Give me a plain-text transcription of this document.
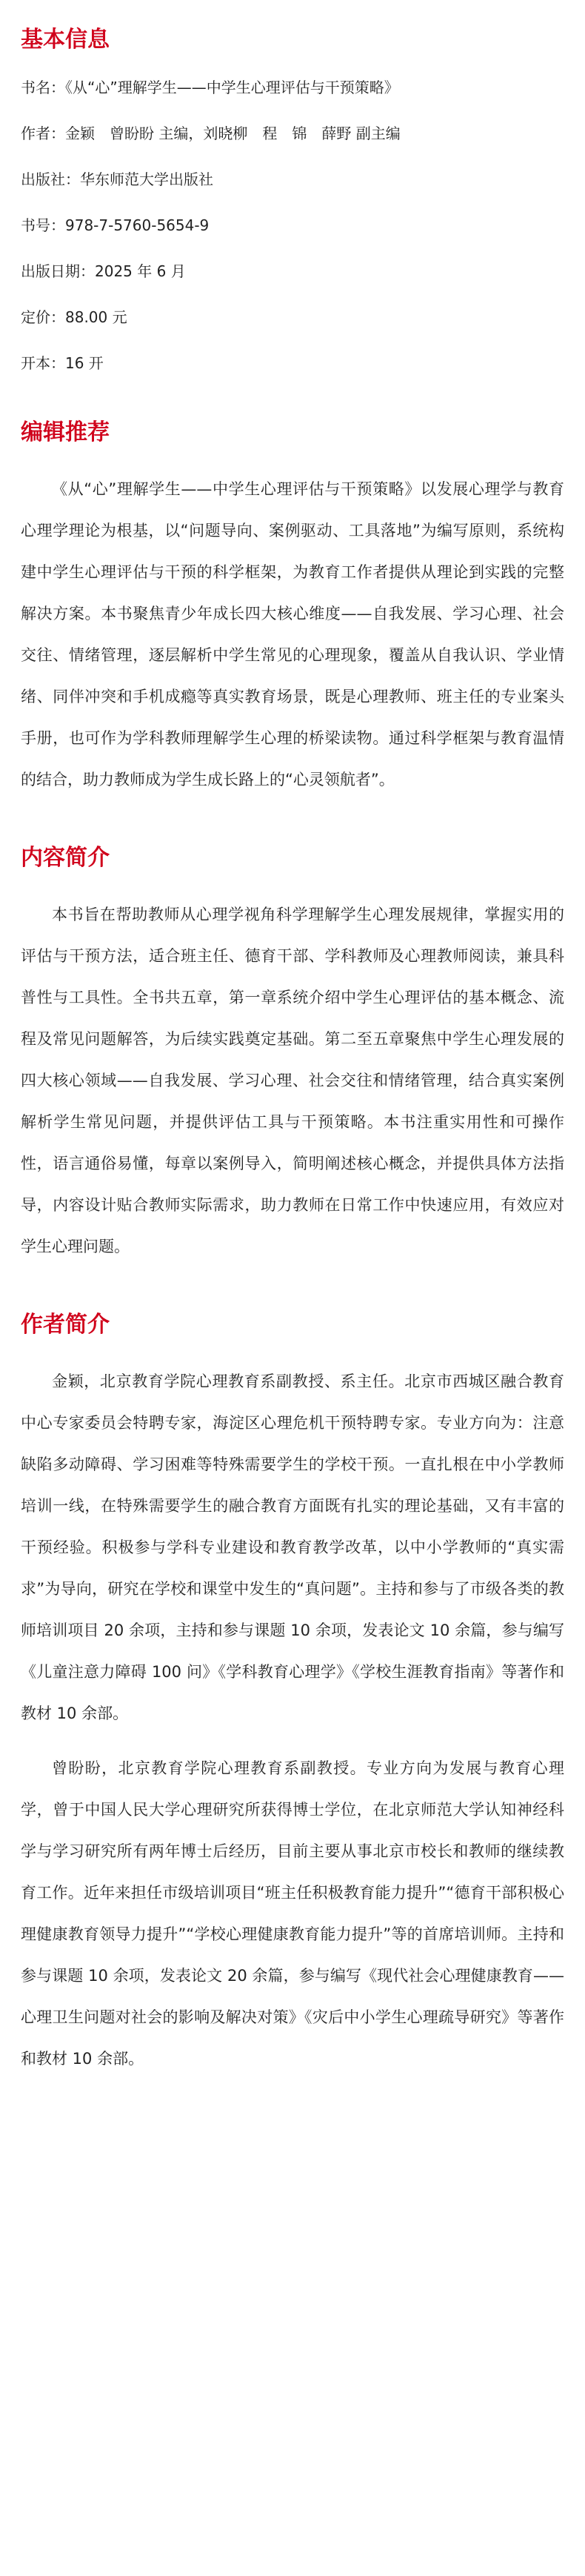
基本信息

书名：《从“心”理解学生——中学生心理评估与干预策略》

作者：金颖　曾盼盼 主编，刘晓柳　程　锦　薛野 副主编

出版社：华东师范大学出版社

书号：978-7-5760-5654-9

出版日期：2025 年 6 月

定价：88.00 元

开本：16 开

编辑推荐

《从“心”理解学生——中学生心理评估与干预策略》以发展心理学与教育心理学理论为根基，以“问题导向、案例驱动、工具落地”为编写原则，系统构建中学生心理评估与干预的科学框架，为教育工作者提供从理论到实践的完整解决方案。本书聚焦青少年成长四大核心维度——自我发展、学习心理、社会交往、情绪管理，逐层解析中学生常见的心理现象，覆盖从自我认识、学业情绪、同伴冲突和手机成瘾等真实教育场景，既是心理教师、班主任的专业案头手册，也可作为学科教师理解学生心理的桥梁读物。通过科学框架与教育温情的结合，助力教师成为学生成长路上的“心灵领航者”。

内容简介

本书旨在帮助教师从心理学视角科学理解学生心理发展规律，掌握实用的评估与干预方法，适合班主任、德育干部、学科教师及心理教师阅读，兼具科普性与工具性。全书共五章，第一章系统介绍中学生心理评估的基本概念、流程及常见问题解答，为后续实践奠定基础。第二至五章聚焦中学生心理发展的四大核心领域——自我发展、学习心理、社会交往和情绪管理，结合真实案例解析学生常见问题，并提供评估工具与干预策略。本书注重实用性和可操作性，语言通俗易懂，每章以案例导入，简明阐述核心概念，并提供具体方法指导，内容设计贴合教师实际需求，助力教师在日常工作中快速应用，有效应对学生心理问题。

作者简介

金颖，北京教育学院心理教育系副教授、系主任。北京市西城区融合教育中心专家委员会特聘专家，海淀区心理危机干预特聘专家。专业方向为：注意缺陷多动障碍、学习困难等特殊需要学生的学校干预。一直扎根在中小学教师培训一线，在特殊需要学生的融合教育方面既有扎实的理论基础，又有丰富的干预经验。积极参与学科专业建设和教育教学改革，以中小学教师的“真实需求”为导向，研究在学校和课堂中发生的“真问题”。主持和参与了市级各类的教师培训项目 20 余项，主持和参与课题 10 余项，发表论文 10 余篇，参与编写《儿童注意力障碍 100 问》《学科教育心理学》《学校生涯教育指南》等著作和教材 10 余部。

曾盼盼，北京教育学院心理教育系副教授。专业方向为发展与教育心理学，曾于中国人民大学心理研究所获得博士学位，在北京师范大学认知神经科学与学习研究所有两年博士后经历，目前主要从事北京市校长和教师的继续教育工作。近年来担任市级培训项目“班主任积极教育能力提升”“德育干部积极心理健康教育领导力提升”“学校心理健康教育能力提升”等的首席培训师。主持和参与课题 10 余项，发表论文 20 余篇，参与编写《现代社会心理健康教育——心理卫生问题对社会的影响及解决对策》《灾后中小学生心理疏导研究》等著作和教材 10 余部。
